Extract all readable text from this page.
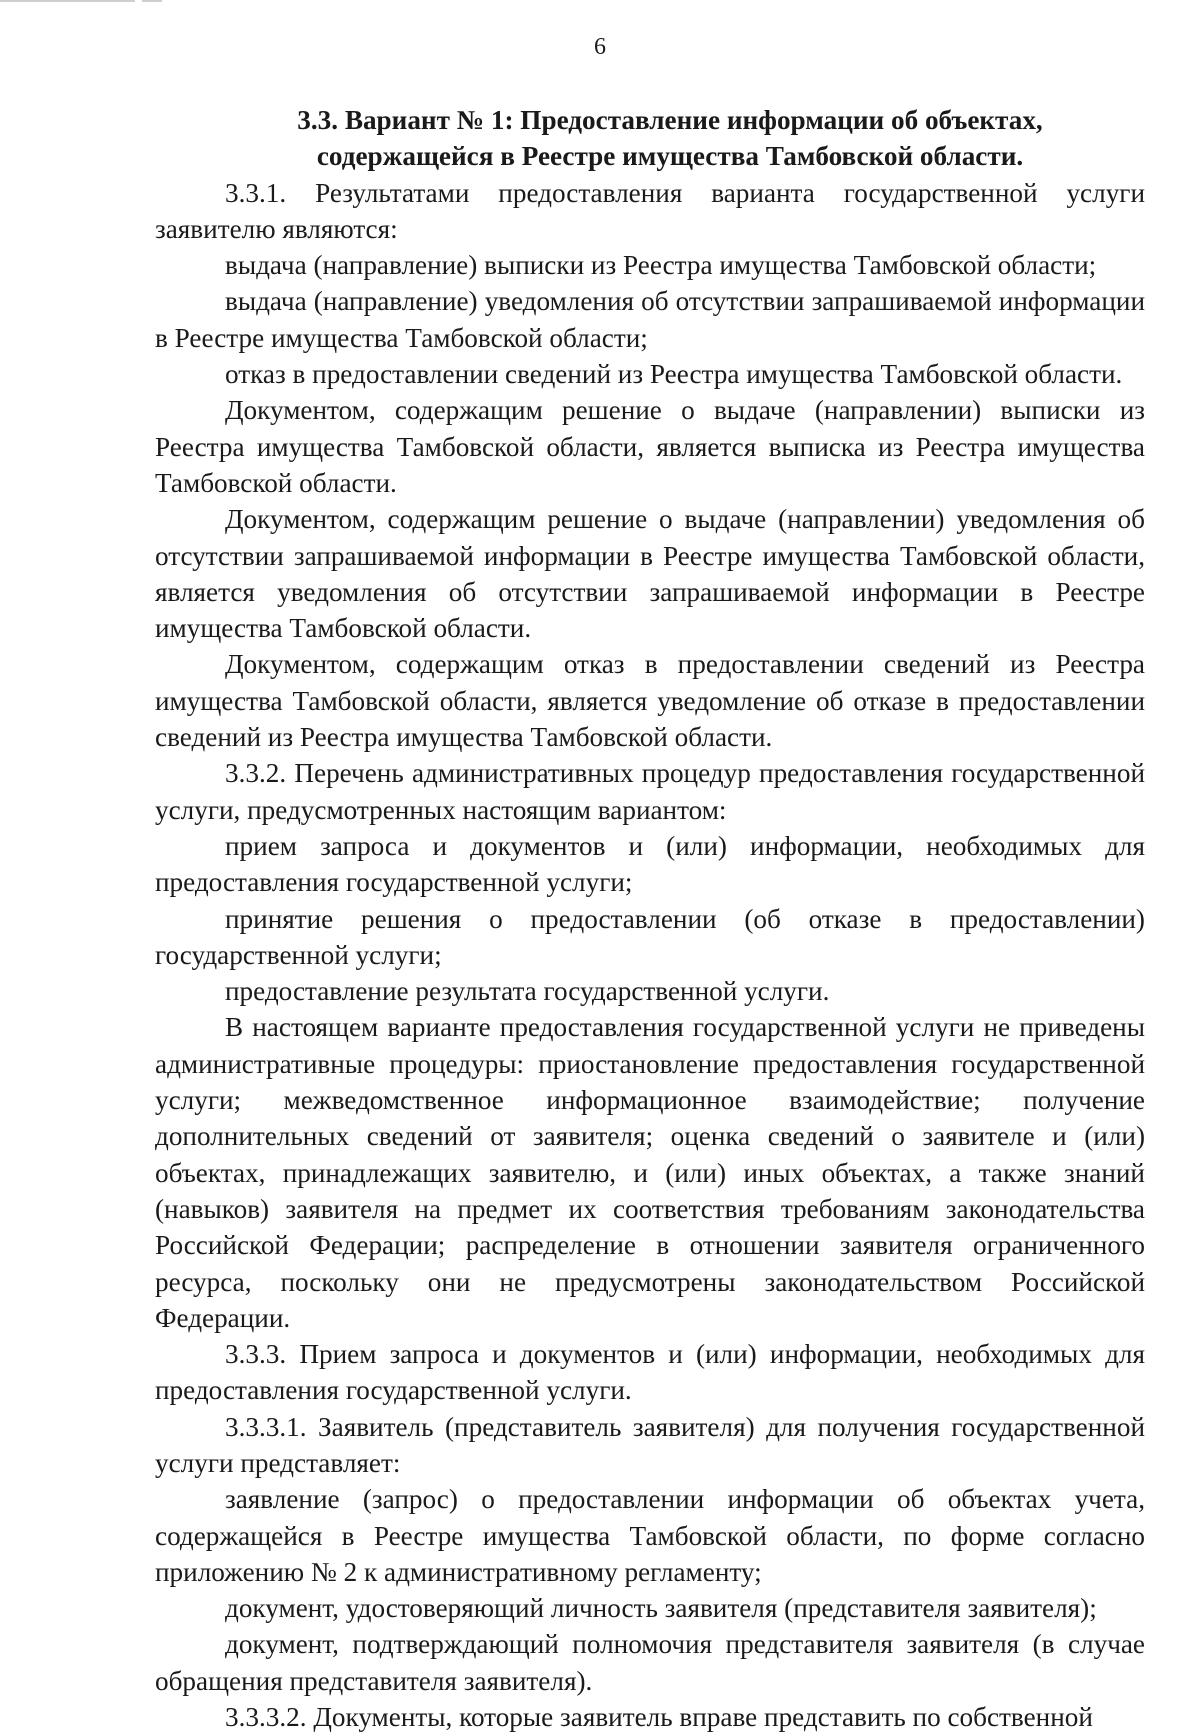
6

3.3. Вариант № 1: Предоставление информации об объектах,
содержащейся в Реестре имущества Тамбовской области.

3.3.1. Результатами предоставления варианта государственной услуги заявителю являются:

выдача (направление) выписки из Реестра имущества Тамбовской области;

выдача (направление) уведомления об отсутствии запрашиваемой информации в Реестре имущества Тамбовской области;

отказ в предоставлении сведений из Реестра имущества Тамбовской области.

Документом, содержащим решение о выдаче (направлении) выписки из Реестра имущества Тамбовской области, является выписка из Реестра имущества Тамбовской области.

Документом, содержащим решение о выдаче (направлении) уведомления об отсутствии запрашиваемой информации в Реестре имущества Тамбовской области, является уведомления об отсутствии запрашиваемой информации в Реестре имущества Тамбовской области.

Документом, содержащим отказ в предоставлении сведений из Реестра имущества Тамбовской области, является уведомление об отказе в предоставлении сведений из Реестра имущества Тамбовской области.

3.3.2. Перечень административных процедур предоставления государственной услуги, предусмотренных настоящим вариантом:

прием запроса и документов и (или) информации, необходимых для предоставления государственной услуги;

принятие решения о предоставлении (об отказе в предоставлении) государственной услуги;

предоставление результата государственной услуги.

В настоящем варианте предоставления государственной услуги не приведены административные процедуры: приостановление предоставления государственной услуги; межведомственное информационное взаимодействие; получение дополнительных сведений от заявителя; оценка сведений о заявителе и (или) объектах, принадлежащих заявителю, и (или) иных объектах, а также знаний (навыков) заявителя на предмет их соответствия требованиям законодательства Российской Федерации; распределение в отношении заявителя ограниченного ресурса, поскольку они не предусмотрены законодательством Российской Федерации.

3.3.3. Прием запроса и документов и (или) информации, необходимых для предоставления государственной услуги.

3.3.3.1. Заявитель (представитель заявителя) для получения государственной услуги представляет:

заявление (запрос) о предоставлении информации об объектах учета, содержащейся в Реестре имущества Тамбовской области, по форме согласно приложению № 2 к административному регламенту;

документ, удостоверяющий личность заявителя (представителя заявителя);

документ, подтверждающий полномочия представителя заявителя (в случае обращения представителя заявителя).

3.3.3.2. Документы, которые заявитель вправе представить по собственной
